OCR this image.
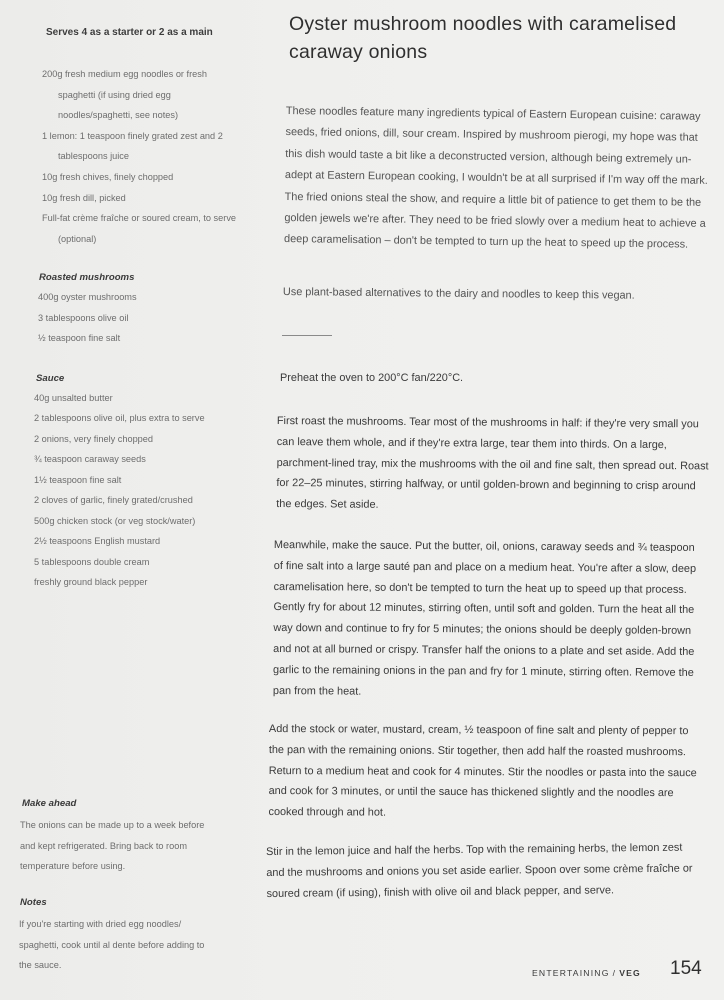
Serves 4 as a starter or 2 as a main
200g fresh medium egg noodles or fresh spaghetti (if using dried egg noodles/spaghetti, see notes)
1 lemon: 1 teaspoon finely grated zest and 2 tablespoons juice
10g fresh chives, finely chopped
10g fresh dill, picked
Full-fat crème fraîche or soured cream, to serve (optional)
Roasted mushrooms
400g oyster mushrooms
3 tablespoons olive oil
½ teaspoon fine salt
Sauce
40g unsalted butter
2 tablespoons olive oil, plus extra to serve
2 onions, very finely chopped
¾ teaspoon caraway seeds
1½ teaspoon fine salt
2 cloves of garlic, finely grated/crushed
500g chicken stock (or veg stock/water)
2½ teaspoons English mustard
5 tablespoons double cream
freshly ground black pepper
Make ahead

The onions can be made up to a week before and kept refrigerated. Bring back to room temperature before using.

Notes

If you're starting with dried egg noodles/ spaghetti, cook until al dente before adding to the sauce.

Oyster mushroom noodles with caramelised caraway onions

These noodles feature many ingredients typical of Eastern European cuisine: caraway seeds, fried onions, dill, sour cream. Inspired by mushroom pierogi, my hope was that this dish would taste a bit like a deconstructed version, although being extremely un-adept at Eastern European cooking, I wouldn't be at all surprised if I'm way off the mark. The fried onions steal the show, and require a little bit of patience to get them to be the golden jewels we're after. They need to be fried slowly over a medium heat to achieve a deep caramelisation – don't be tempted to turn up the heat to speed up the process.

Use plant-based alternatives to the dairy and noodles to keep this vegan.

Preheat the oven to 200°C fan/220°C.

First roast the mushrooms. Tear most of the mushrooms in half: if they're very small you can leave them whole, and if they're extra large, tear them into thirds. On a large, parchment-lined tray, mix the mushrooms with the oil and fine salt, then spread out. Roast for 22–25 minutes, stirring halfway, or until golden-brown and beginning to crisp around the edges. Set aside.

Meanwhile, make the sauce. Put the butter, oil, onions, caraway seeds and ¾ teaspoon of fine salt into a large sauté pan and place on a medium heat. You're after a slow, deep caramelisation here, so don't be tempted to turn the heat up to speed up that process. Gently fry for about 12 minutes, stirring often, until soft and golden. Turn the heat all the way down and continue to fry for 5 minutes; the onions should be deeply golden-brown and not at all burned or crispy. Transfer half the onions to a plate and set aside. Add the garlic to the remaining onions in the pan and fry for 1 minute, stirring often. Remove the pan from the heat.

Add the stock or water, mustard, cream, ½ teaspoon of fine salt and plenty of pepper to the pan with the remaining onions. Stir together, then add half the roasted mushrooms. Return to a medium heat and cook for 4 minutes. Stir the noodles or pasta into the sauce and cook for 3 minutes, or until the sauce has thickened slightly and the noodles are cooked through and hot.

Stir in the lemon juice and half the herbs. Top with the remaining herbs, the lemon zest and the mushrooms and onions you set aside earlier. Spoon over some crème fraîche or soured cream (if using), finish with olive oil and black pepper, and serve.

ENTERTAINING / VEG 154
